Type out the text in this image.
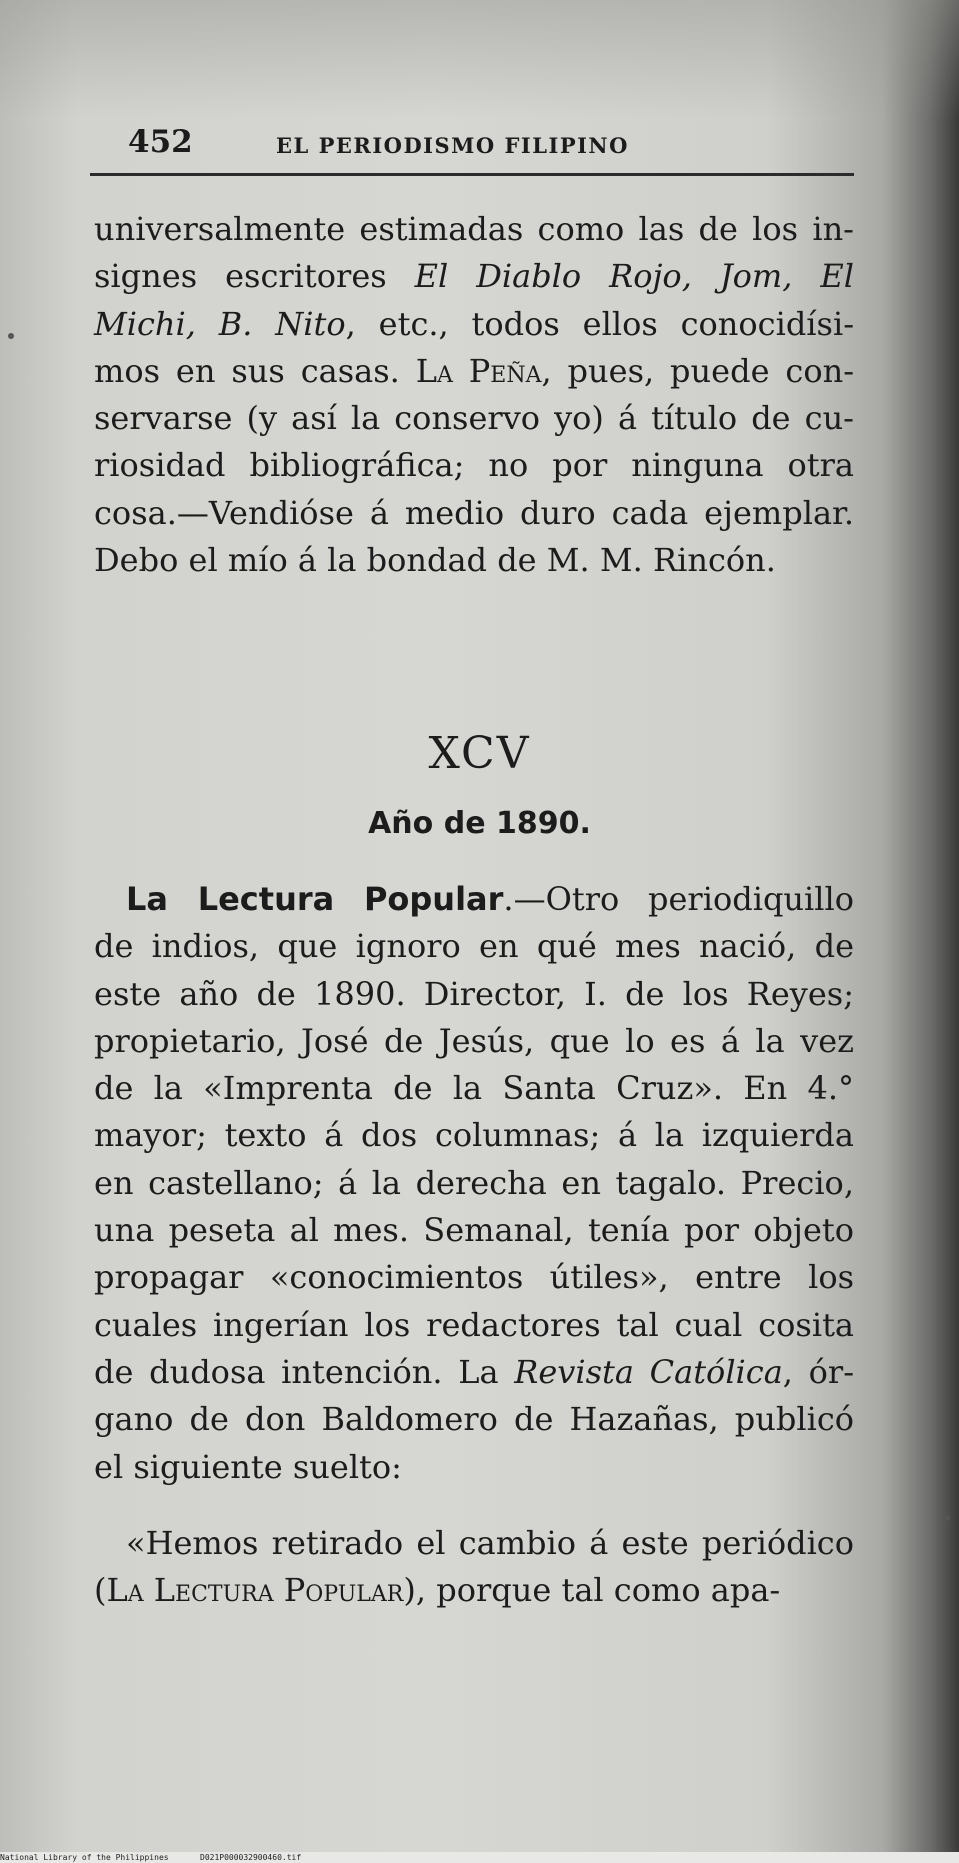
452	EL PERIODISMO FILIPINO
universalmente estimadas como las de los in-
signes escritores El Diablo Rojo, Jom, El
Michi, B. Nito, etc., todos ellos conocidísi-
mos en sus casas. La Peña, pues, puede con-
servarse (y así la conservo yo) á título de cu-
riosidad bibliográfica; no por ninguna otra
cosa.—Vendióse á medio duro cada ejemplar.
Debo el mío á la bondad de M. M. Rincón.
XCV
Año de 1890.
La Lectura Popular.—Otro periodiquillo
de indios, que ignoro en qué mes nació, de
este año de 1890. Director, I. de los Reyes;
propietario, José de Jesús, que lo es á la vez
de la «Imprenta de la Santa Cruz». En 4.°
mayor; texto á dos columnas; á la izquierda
en castellano; á la derecha en tagalo. Precio,
una peseta al mes. Semanal, tenía por objeto
propagar «conocimientos útiles», entre los
cuales ingerían los redactores tal cual cosita
de dudosa intención. La Revista Católica, ór-
gano de don Baldomero de Hazañas, publicó
el siguiente suelto:
«Hemos retirado el cambio á este periódico
(La Lectura Popular), porque tal como apa-
National Library of the Philippines	D021P000032900460.tif
